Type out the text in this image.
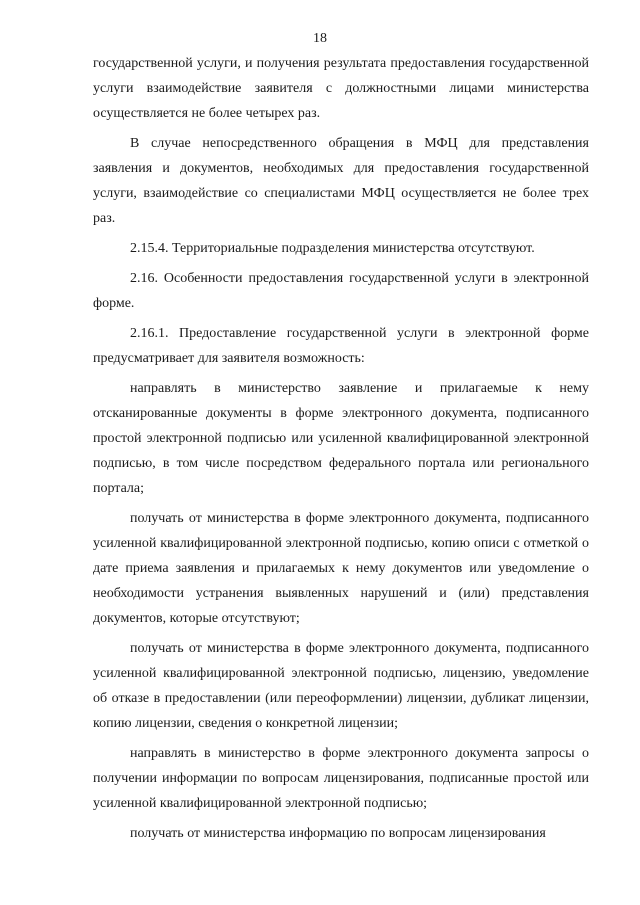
18

государственной услуги, и получения результата предоставления государственной услуги взаимодействие заявителя с должностными лицами министерства осуществляется не более четырех раз.

В случае непосредственного обращения в МФЦ для представления заявления и документов, необходимых для предоставления государственной услуги, взаимодействие со специалистами МФЦ осуществляется не более трех раз.

2.15.4. Территориальные подразделения министерства отсутствуют.

2.16. Особенности предоставления государственной услуги в электронной форме.

2.16.1. Предоставление государственной услуги в электронной форме предусматривает для заявителя возможность:

направлять в министерство заявление и прилагаемые к нему отсканированные документы в форме электронного документа, подписанного простой электронной подписью или усиленной квалифицированной электронной подписью, в том числе посредством федерального портала или регионального портала;

получать от министерства в форме электронного документа, подписанного усиленной квалифицированной электронной подписью, копию описи с отметкой о дате приема заявления и прилагаемых к нему документов или уведомление о необходимости устранения выявленных нарушений и (или) представления документов, которые отсутствуют;

получать от министерства в форме электронного документа, подписанного усиленной квалифицированной электронной подписью, лицензию, уведомление об отказе в предоставлении (или переоформлении) лицензии, дубликат лицензии, копию лицензии, сведения о конкретной лицензии;

направлять в министерство в форме электронного документа запросы о получении информации по вопросам лицензирования, подписанные простой или усиленной квалифицированной электронной подписью;

получать от министерства информацию по вопросам лицензирования
